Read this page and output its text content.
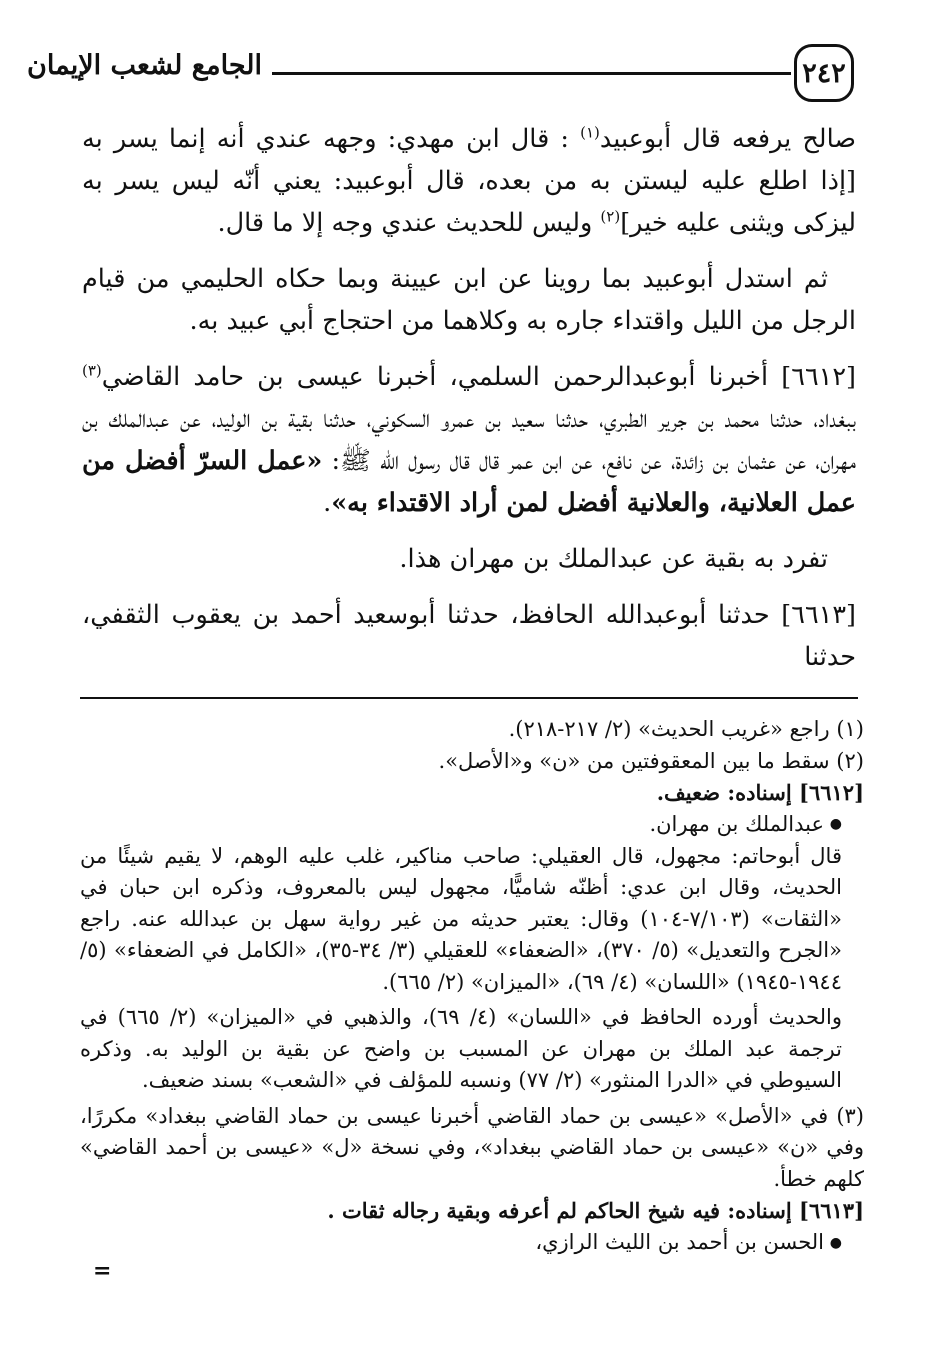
٢٤٢
الجامع لشعب الإيمان

صالح يرفعه قال أبوعبيد$^{(١)}$ : قال ابن مهدي: وجهه عندي أنه إنما يسر به [إذا اطلع عليه ليستن به من بعده، قال أبوعبيد: يعني أنّه ليس يسر به ليزكى ويثنى عليه خير]$^{(٢)}$ وليس للحديث عندي وجه إلا ما قال.

ثم استدل أبوعبيد بما روينا عن ابن عيينة وبما حكاه الحليمي من قيام الرجل من الليل واقتداء جاره به وكلاهما من احتجاج أبي عبيد به.

[٦٦١٢] أخبرنا أبوعبدالرحمن السلمي، أخبرنا عيسى بن حامد القاضي$^{(٣)}$ ببغداد، حدثنا محمد بن جرير الطبري، حدثنا سعيد بن عمرو السكوني، حدثنا بقية بن الوليد، عن عبدالملك بن مهران، عن عثمان بن زائدة، عن نافع، عن ابن عمر قال قال رسول الله ﷺ: «عمل السرّ أفضل من عمل العلانية، والعلانية أفضل لمن أراد الاقتداء به».

تفرد به بقية عن عبدالملك بن مهران هذا.

[٦٦١٣] حدثنا أبوعبدالله الحافظ، حدثنا أبوسعيد أحمد بن يعقوب الثقفي، حدثنا

(١) راجع «غريب الحديث» (٢/ ٢١٧-٢١٨).

(٢) سقط ما بين المعقوفتين من «ن» و«الأصل».

[٦٦١٢] إسناده: ضعيف.

●عبدالملك بن مهران.

قال أبوحاتم: مجهول، قال العقيلي: صاحب مناكير، غلب عليه الوهم، لا يقيم شيئًا من الحديث، وقال ابن عدي: أظنّه شاميًّا، مجهول ليس بالمعروف، وذكره ابن حبان في «الثقات» (٧/١٠٣-١٠٤) وقال: يعتبر حديثه من غير رواية سهل بن عبدالله عنه. راجع «الجرح والتعديل» (٥/ ٣٧٠)، «الضعفاء» للعقيلي (٣/ ٣٤-٣٥)، «الكامل في الضعفاء» (٥/ ١٩٤٤-١٩٤٥) «اللسان» (٤/ ٦٩)، «الميزان» (٢/ ٦٦٥).

والحديث أورده الحافظ في «اللسان» (٤/ ٦٩)، والذهبي في «الميزان» (٢/ ٦٦٥) في ترجمة عبد الملك بن مهران عن المسبب بن واضح عن بقية بن الوليد به. وذكره السيوطي في «الدرا المنثور» (٢/ ٧٧) ونسبه للمؤلف في «الشعب» بسند ضعيف.

(٣) في «الأصل» «عيسى بن حماد القاضي أخبرنا عيسى بن حماد القاضي ببغداد» مكررًا، وفي «ن» «عيسى بن حماد القاضي ببغداد»، وفي نسخة «ل» «عيسى بن أحمد القاضي» كلهم خطأ.

[٦٦١٣] إسناده: فيه شيخ الحاكم لم أعرفه وبقية رجاله ثقات .

●الحسن بن أحمد بن الليث الرازي،

=
